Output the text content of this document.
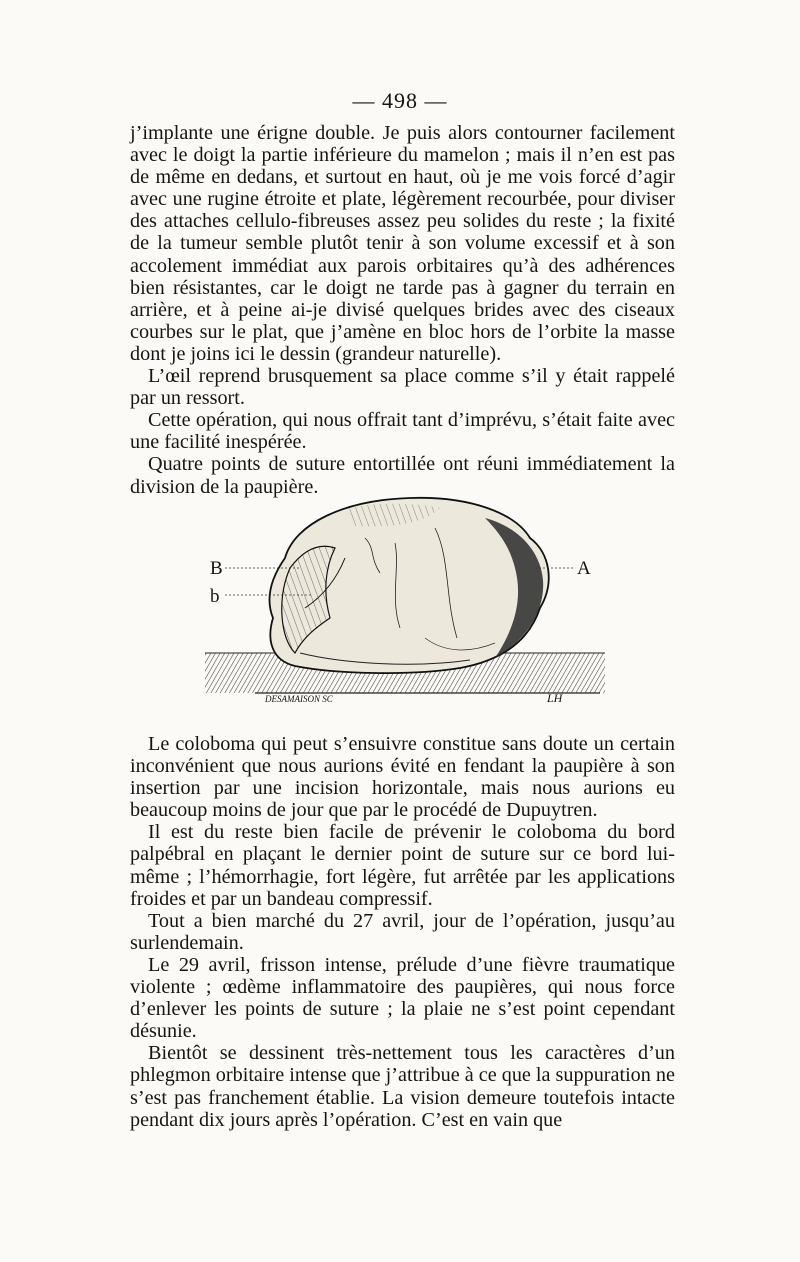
— 498 —

j’implante une érigne double. Je puis alors contourner facilement avec le doigt la partie inférieure du mamelon ; mais il n’en est pas de même en dedans, et surtout en haut, où je me vois forcé d’agir avec une rugine étroite et plate, légèrement recourbée, pour diviser des attaches cellulo-fibreuses assez peu solides du reste ; la fixité de la tumeur semble plutôt tenir à son volume excessif et à son accolement immédiat aux parois orbitaires qu’à des adhérences bien résistantes, car le doigt ne tarde pas à gagner du terrain en arrière, et à peine ai-je divisé quelques brides avec des ciseaux courbes sur le plat, que j’amène en bloc hors de l’orbite la masse dont je joins ici le dessin (grandeur naturelle).

L’œil reprend brusquement sa place comme s’il y était rappelé par un ressort.

Cette opération, qui nous offrait tant d’imprévu, s’était faite avec une facilité inespérée.

Quatre points de suture entortillée ont réuni immédiatement la division de la paupière.

B
b
A
DESAMAISON SC	LH

Le coloboma qui peut s’ensuivre constitue sans doute un certain inconvénient que nous aurions évité en fendant la paupière à son insertion par une incision horizontale, mais nous aurions eu beaucoup moins de jour que par le procédé de Dupuytren.

Il est du reste bien facile de prévenir le coloboma du bord palpébral en plaçant le dernier point de suture sur ce bord lui-même ; l’hémorrhagie, fort légère, fut arrêtée par les applications froides et par un bandeau compressif.

Tout a bien marché du 27 avril, jour de l’opération, jusqu’au surlendemain.

Le 29 avril, frisson intense, prélude d’une fièvre traumatique violente ; œdème inflammatoire des paupières, qui nous force d’enlever les points de suture ; la plaie ne s’est point cependant désunie.

Bientôt se dessinent très-nettement tous les caractères d’un phlegmon orbitaire intense que j’attribue à ce que la suppuration ne s’est pas franchement établie. La vision demeure toutefois intacte pendant dix jours après l’opération. C’est en vain que
